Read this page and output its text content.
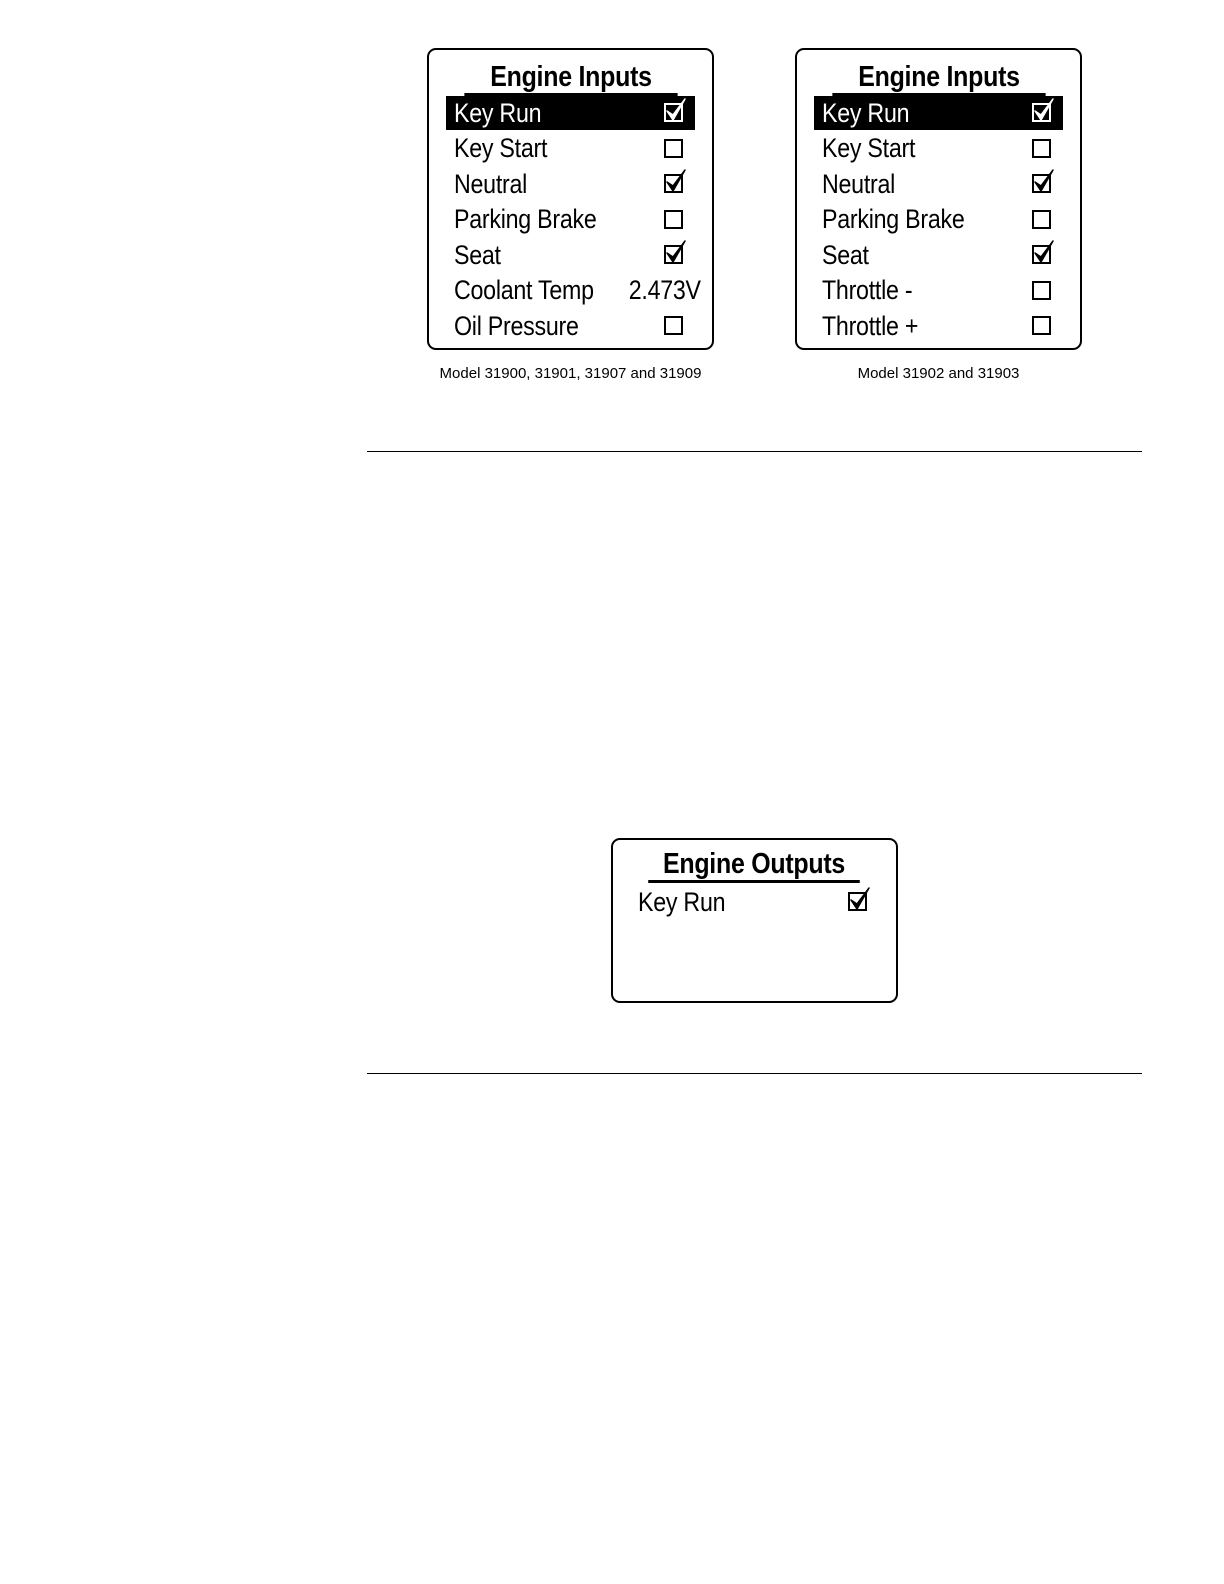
Engine Inputs
Key Run
Key Start
Neutral
Parking Brake
Seat
Coolant Temp 2.473V
Oil Pressure
Model 31900, 31901, 31907 and 31909
Engine Inputs
Key Run
Key Start
Neutral
Parking Brake
Seat
Throttle -
Throttle +
Model 31902 and 31903
Engine Outputs
Key Run
